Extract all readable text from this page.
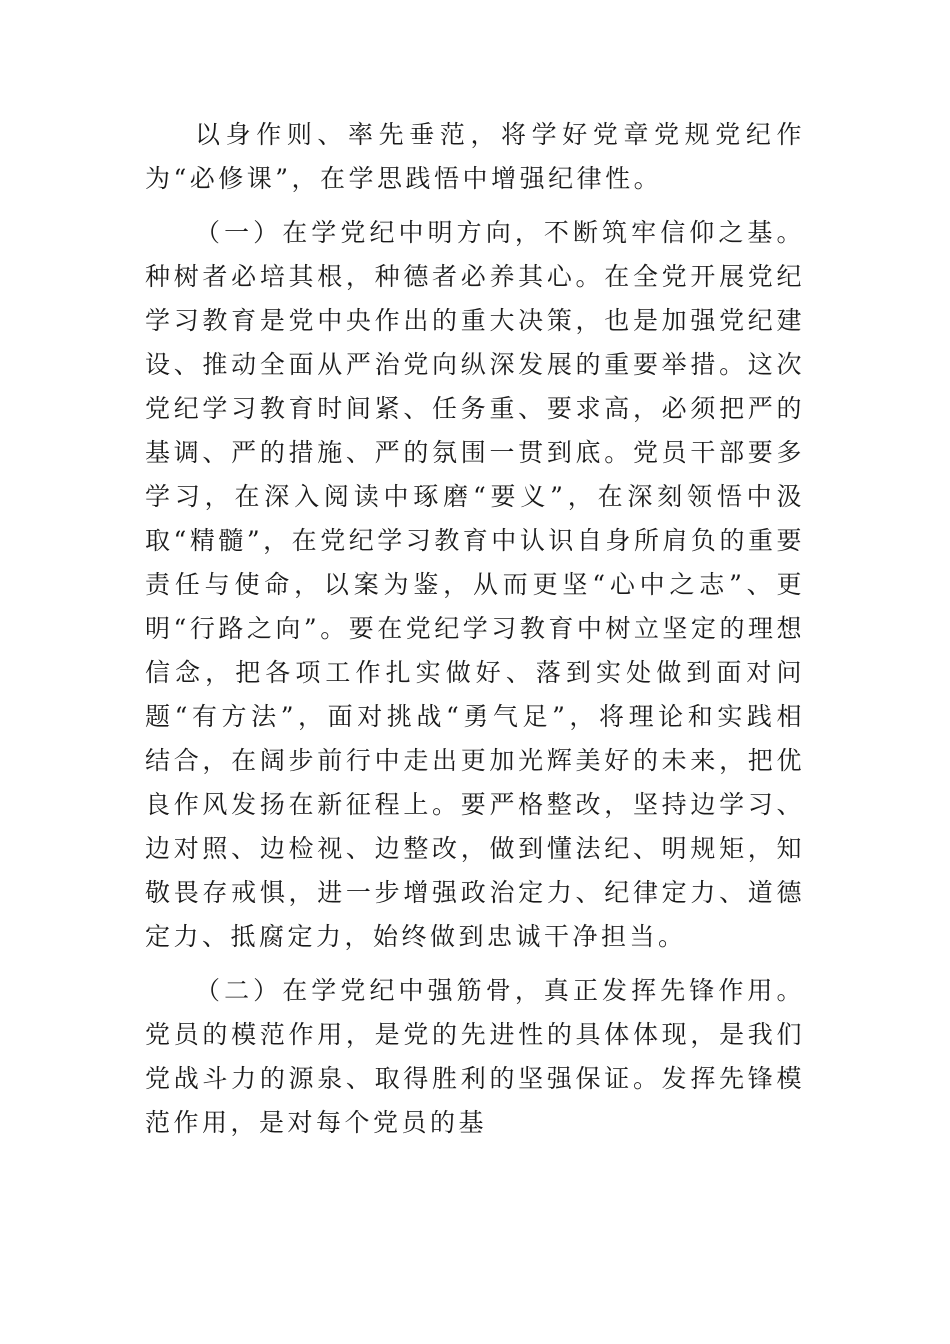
以身作则、率先垂范，将学好党章党规党纪作为“必修课”，在学思践悟中增强纪律性。

（一）在学党纪中明方向，不断筑牢信仰之基。种树者必培其根，种德者必养其心。在全党开展党纪学习教育是党中央作出的重大决策，也是加强党纪建设、推动全面从严治党向纵深发展的重要举措。这次党纪学习教育时间紧、任务重、要求高，必须把严的基调、严的措施、严的氛围一贯到底。党员干部要多学习，在深入阅读中琢磨“要义”，在深刻领悟中汲取“精髓”，在党纪学习教育中认识自身所肩负的重要责任与使命，以案为鉴，从而更坚“心中之志”、更明“行路之向”。要在党纪学习教育中树立坚定的理想信念，把各项工作扎实做好、落到实处做到面对问题“有方法”，面对挑战“勇气足”，将理论和实践相结合，在阔步前行中走出更加光辉美好的未来，把优良作风发扬在新征程上。要严格整改，坚持边学习、边对照、边检视、边整改，做到懂法纪、明规矩，知敬畏存戒惧，进一步增强政治定力、纪律定力、道德定力、抵腐定力，始终做到忠诚干净担当。

（二）在学党纪中强筋骨，真正发挥先锋作用。党员的模范作用，是党的先进性的具体体现，是我们党战斗力的源泉、取得胜利的坚强保证。发挥先锋模范作用，是对每个党员的基
